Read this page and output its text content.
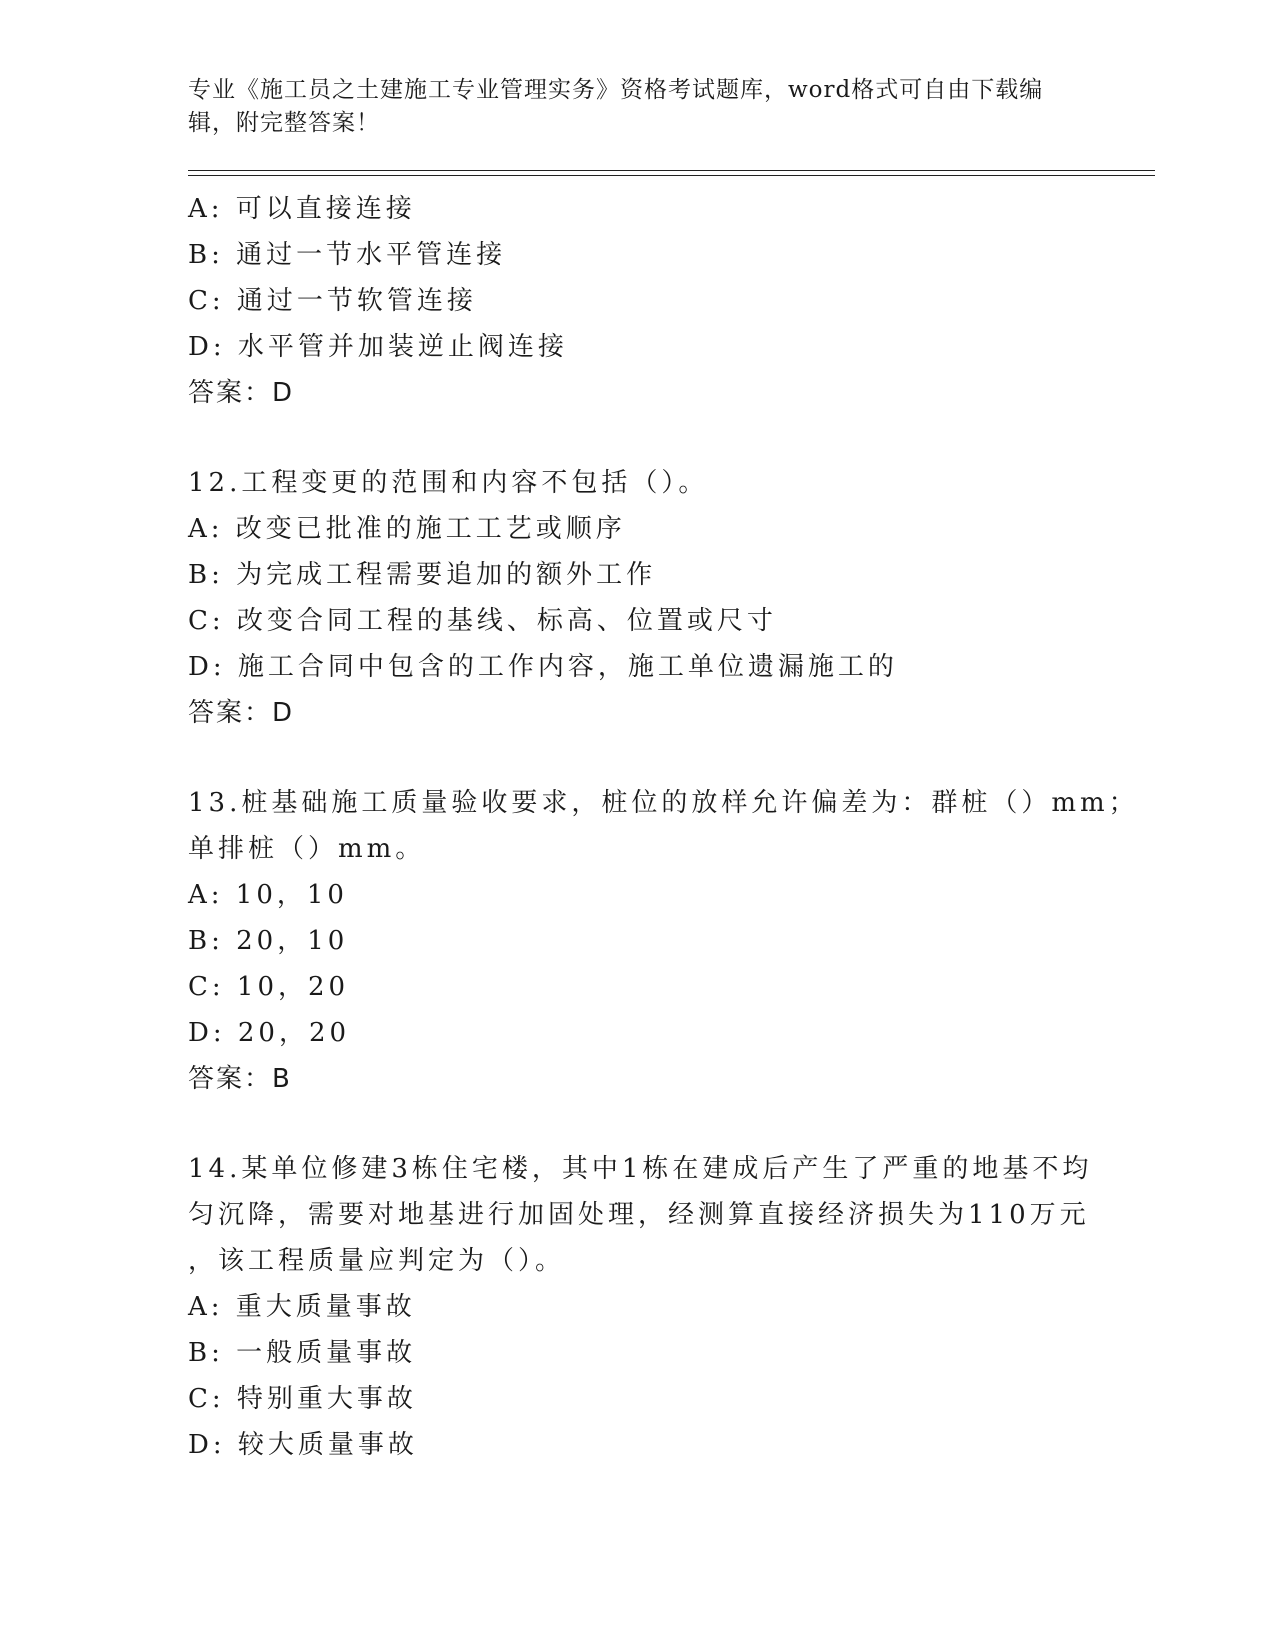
专业《施工员之土建施工专业管理实务》资格考试题库，word格式可自由下载编
辑，附完整答案！
A: 可以直接连接
B: 通过一节水平管连接
C: 通过一节软管连接
D: 水平管并加装逆止阀连接
答案：D
12.工程变更的范围和内容不包括（）。
A: 改变已批准的施工工艺或顺序
B: 为完成工程需要追加的额外工作
C: 改变合同工程的基线、标高、位置或尺寸
D: 施工合同中包含的工作内容，施工单位遗漏施工的
答案：D
13.桩基础施工质量验收要求，桩位的放样允许偏差为：群桩（）mm；
单排桩（）mm。
A: 10，10
B: 20，10
C: 10，20
D: 20，20
答案：B
14.某单位修建3栋住宅楼，其中1栋在建成后产生了严重的地基不均
匀沉降，需要对地基进行加固处理，经测算直接经济损失为110万元
，该工程质量应判定为（）。
A: 重大质量事故
B: 一般质量事故
C: 特别重大事故
D: 较大质量事故
